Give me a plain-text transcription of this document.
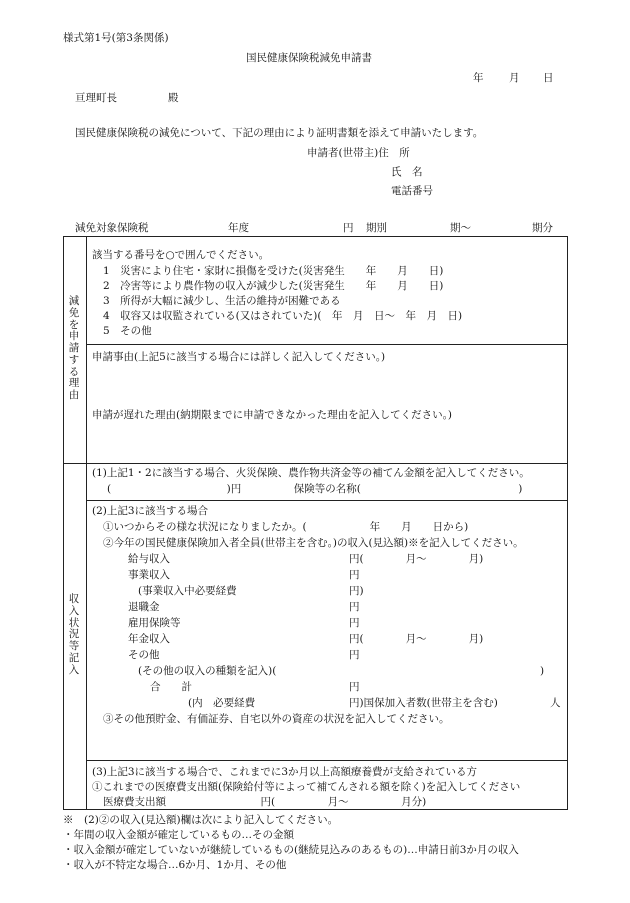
様式第1号(第3条関係)
国民健康保険税減免申請書
年 月 日
亘理町長	殿
国民健康保険税の減免について、下記の理由により証明書類を添えて申請いたします。
申請者(世帯主)住　所
氏　名
電話番号
減免対象保険税	年度	円 期別	期～	期分
減免を申請する理由
該当する番号を○で囲んでください。
1　災害により住宅・家財に損傷を受けた(災害発生　　年　　月　　日)
2　冷害等により農作物の収入が減少した(災害発生　　年　　月　　日)
3　所得が大幅に減少し、生活の維持が困難である
4　収容又は収監されている(又はされていた)(　年　月　日～　年　月　日)
5　その他
申請事由(上記5に該当する場合には詳しく記入してください。)
申請が遅れた理由(納期限までに申請できなかった理由を記入してください。)
収入状況等記入
(1)上記1・2に該当する場合、火災保険、農作物共済金等の補てん金額を記入してください。
(　　　　　　　　　　　)円　　　　　保険等の名称(　　　　　　　　　　　　　　　)
(2)上記3に該当する場合
①いつからその様な状況になりましたか。(　　　　　　年　　月　　日から)
②今年の国民健康保険加入者全員(世帯主を含む。)の収入(見込額)※を記入してください。
給与収入	円(　　　　月～　　　　月)
事業収入	円
(事業収入中必要経費	円)
退職金	円
雇用保険等	円
年金収入	円(　　　　月～　　　　月)
その他	円
(その他の収入の種類を記入)(	)
合　　計	円
(内　必要経費	円)国保加入者数(世帯主を含む)	人
③その他預貯金、有価証券、自宅以外の資産の状況を記入してください。
(3)上記3に該当する場合で、これまでに3か月以上高額療養費が支給されている方
①これまでの医療費支出額(保険給付等によって補てんされる額を除く)を記入してください
医療費支出額　　　　　　　　　円(　　　　　月～　　　　　月分)
※　(2)②の収入(見込額)欄は次により記入してください。
・年間の収入金額が確定しているもの…その金額
・収入金額が確定していないが継続しているもの(継続見込みのあるもの)…申請日前3か月の収入
・収入が不特定な場合…6か月、1か月、その他
